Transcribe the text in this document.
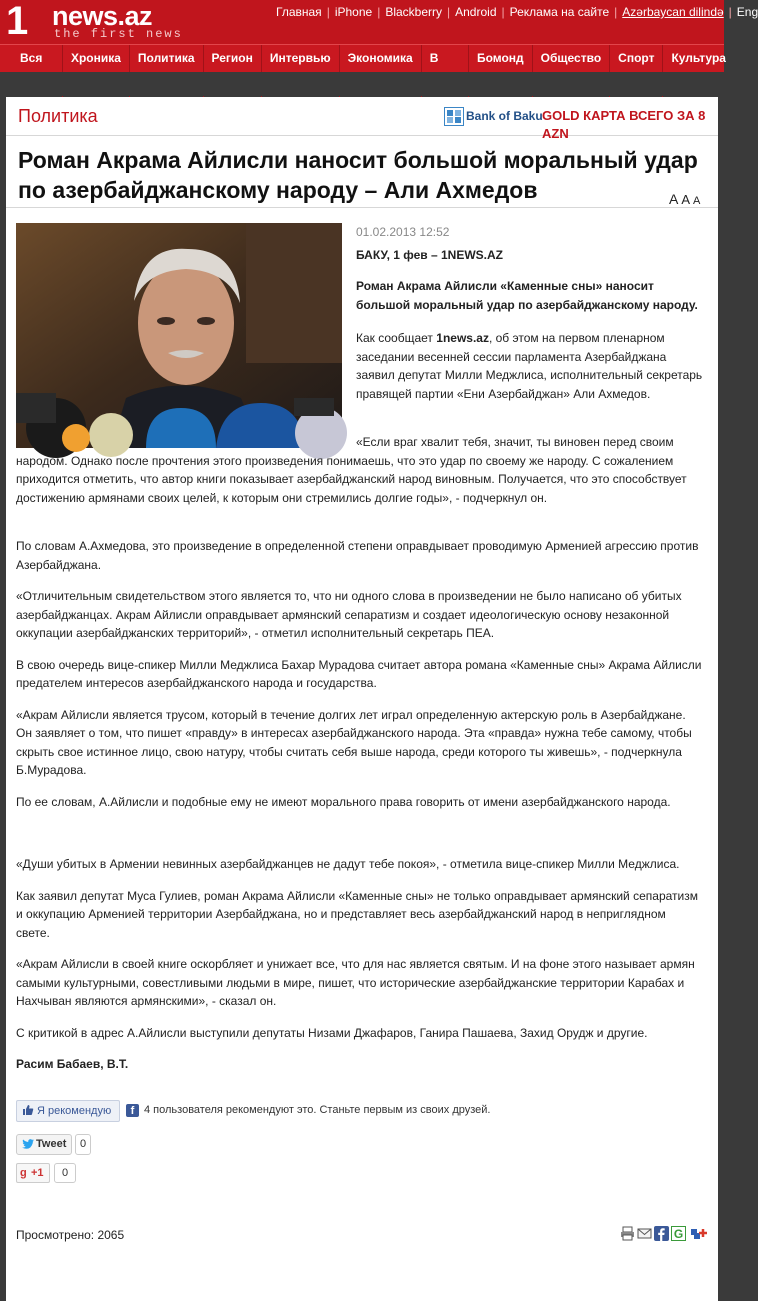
1 news.az
the first news
Главная | iPhone | Blackberry | Android | Реклама на сайте | Azərbaycan dilində | Eng
Вся	Хроника	Политика	Регион	Интервью	Экономика	В	Бомонд	Общество	Спорт	Культура
Политика	Bank of Baku GOLD КАРТА ВСЕГО ЗА 8 AZN
Роман Акрама Айлисли наносит большой моральный удар по азербайджанскому народу – Али Ахмедов	A A A
01.02.2013 12:52
БАКУ, 1 фев – 1NEWS.AZ

Роман Акрама Айлисли «Каменные сны» наносит большой моральный удар по азербайджанскому народу.

Как сообщает 1news.az, об этом на первом пленарном заседании весенней сессии парламента Азербайджана заявил депутат Милли Меджлиса, исполнительный секретарь правящей партии «Ени Азербайджан» Али Ахмедов.

«Если враг хвалит тебя, значит, ты виновен перед своим народом. Однако после прочтения этого произведения понимаешь, что это удар по своему же народу. С сожалением приходится отметить, что автор книги показывает азербайджанский народ виновным. Получается, что это способствует достижению армянами своих целей, к которым они стремились долгие годы», - подчеркнул он.

По словам А.Ахмедова, это произведение в определенной степени оправдывает проводимую Арменией агрессию против Азербайджана.

«Отличительным свидетельством этого является то, что ни одного слова в произведении не было написано об убитых азербайджанцах. Акрам Айлисли оправдывает армянский сепаратизм и создает идеологическую основу незаконной оккупации азербайджанских территорий», - отметил исполнительный секретарь ПЕА.

В свою очередь вице-спикер Милли Меджлиса Бахар Мурадова считает автора романа «Каменные сны» Акрама Айлисли предателем интересов азербайджанского народа и государства.

«Акрам Айлисли является трусом, который в течение долгих лет играл определенную актерскую роль в Азербайджане. Он заявляет о том, что пишет «правду» в интересах азербайджанского народа. Эта «правда» нужна тебе самому, чтобы скрыть свое истинное лицо, свою натуру, чтобы считать себя выше народа, среди которого ты живешь», - подчеркнула Б.Мурадова.

По ее словам, А.Айлисли и подобные ему не имеют морального права говорить от имени азербайджанского народа.

«Души убитых в Армении невинных азербайджанцев не дадут тебе покоя», - отметила вице-спикер Милли Меджлиса.

Как заявил депутат Муса Гулиев, роман Акрама Айлисли «Каменные сны» не только оправдывает армянский сепаратизм и оккупацию Арменией территории Азербайджана, но и представляет весь азербайджанский народ в неприглядном свете.

«Акрам Айлисли в своей книге оскорбляет и унижает все, что для нас является святым. И на фоне этого называет армян самыми культурными, совестливыми людьми в мире, пишет, что исторические азербайджанские территории Карабах и Нахчыван являются армянскими», - сказал он.

С критикой в адрес А.Айлисли выступили депутаты Низами Джафаров, Ганира Пашаева, Захид Орудж и другие.

Расим Бабаев, В.Т.

Я рекомендую	f 4 пользователя рекомендуют это. Станьте первым из своих друзей.
Tweet	0
g +1	0
Просмотрено: 2065	G
